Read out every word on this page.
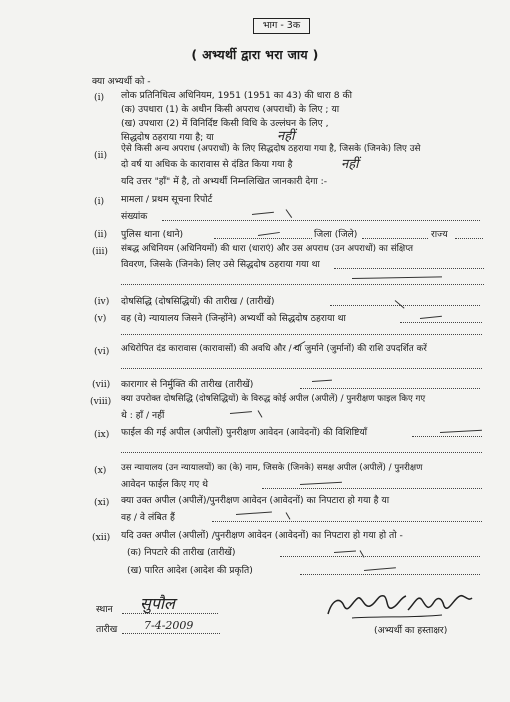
भाग - 3क
( अभ्यर्थी द्वारा भरा जाय )
क्या अभ्यर्थी को -
(i) लोक प्रतिनिधित्व अधिनियम, 1951 (1951 का 43) की धारा 8 की
(क) उपधारा (1) के अधीन किसी अपराध (अपराधों) के लिए ; या
(ख) उपधारा (2) में विनिर्दिष्ट किसी विधि के उल्लंघन के लिए ,
सिद्धदोष ठहराया गया है; या	नहीं
(ii)
ऐसे किसी अन्य अपराध (अपराधों) के लिए सिद्धदोष ठहराया गया है, जिसके (जिनके) लिए उसे
दो वर्ष या अधिक के कारावास से दंडित किया गया है	नहीं
यदि उत्तर "हाँ" में है, तो अभ्यर्थी निम्नलिखित जानकारी देगा :-
(i) मामला / प्रथम सूचना रिपोर्ट
संख्यांक
(ii) पुलिस थाना (थाने)	जिला (जिले)	राज्य
(iii) संबद्ध अधिनियम (अधिनियमों) की धारा (धाराएं) और उस अपराध (उन अपराधों) का संक्षिप्त
विवरण, जिसके (जिनके) लिए उसे सिद्धदोष ठहराया गया था
(iv) दोषसिद्धि (दोषसिद्धियों) की तारीख / (तारीखें)
(v) वह (वे) न्यायालय जिसने (जिन्होंने) अभ्यर्थी को सिद्धदोष ठहराया था
(vi) अधिरोपित दंड कारावास (कारावासों) की अवधि और / या जुर्माने (जुर्मानों) की राशि उपदर्शित करें
(vii) कारागार से निर्मुक्ति की तारीख (तारीखें)
(viii) क्या उपरोक्त दोषसिद्धि (दोषसिद्धियों) के विरुद्ध कोई अपील (अपीलें) / पुनरीक्षण फाइल किए गए
थे : हाँ / नहीं
(ix) फाईल की गई अपील (अपीलों) पुनरीक्षण आवेदन (आवेदनों) की विशिष्टियाँ
(x) उस न्यायालय (उन न्यायालयों) का (के) नाम, जिसके (जिनके) समक्ष अपील (अपीलें) / पुनरीक्षण
आवेदन फाईल किए गए थे
(xi) क्या उक्त अपील (अपीलें)/पुनरीक्षण आवेदन (आवेदनों) का निपटारा हो गया है या
वह / वे लंबित हैं
(xii) यदि उक्त अपील (अपीलों) /पुनरीक्षण आवेदन (आवेदनों) का निपटारा हो गया हो तो -
(क) निपटारे की तारीख (तारीखें)
(ख) पारित आदेश (आदेश की प्रकृति)
स्थान सुपौल
तारीख 7-4-2009	(अभ्यर्थी का हस्ताक्षर)
